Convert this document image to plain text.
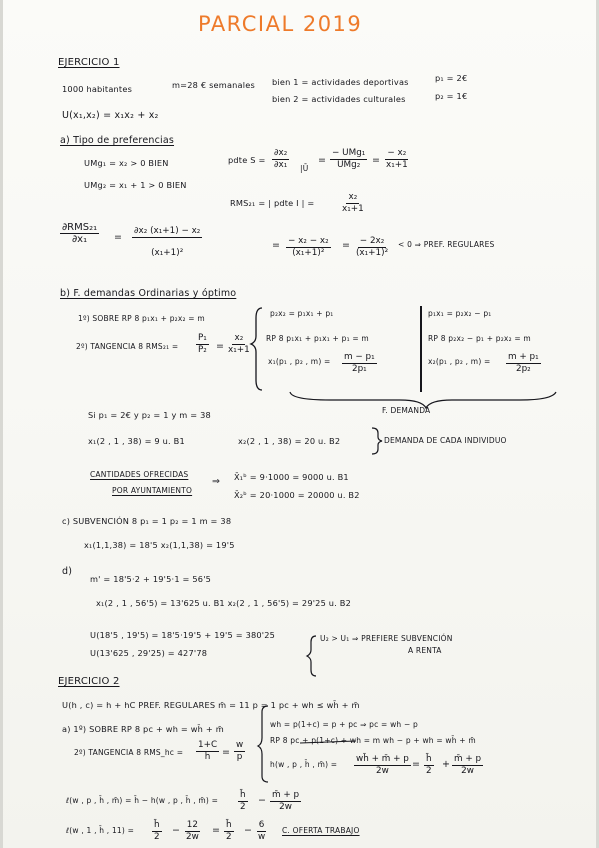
PARCIAL 2019
EJERCICIO 1
1000 habitantes	m=28 € semanales bien 1 = actividades deportivas	p₁ = 2€
bien 2 = actividades culturales	p₂ = 1€
U(x₁,x₂) = x₁x₂ + x₂
a) Tipo de preferencias
UMg₁ = x₂ > 0 BIEN
UMg₂ = x₁ + 1 > 0 BIEN
pdte $S = \frac{\text{∂x₂}}{\text{∂x₁}}$ |Ū
=
− UMg₁
$UMg_2 = \frac{\text{− x₂}}{\text{x₁+1}}$
RMS₂₁ = | pdte I | =	$\frac{\text{x₂}}{\text{x₁+1}}$
∂RMS₂₁
∂x₁	= $\frac{\text{∂x₂ (x₁+1) − x₂}}{\text{(x₁+1)²}}$	= $\frac{\text{− x₂ − x₂}}{\text{(x₁+1)²}} = \frac{\text{− 2x₂}}{\text{(x₁+1)²}} < 0$ ⇒ PREF. REGULARES
b) F. demandas Ordinarias y óptimo
1º) SOBRE RP 8 p₁x₁ + p₂x₂ = m
2º) TANGENCIA 8 $RMS_{21} = \frac{\text{P₁}}{\text{P₂}} = \frac{\text{x₂}}{\text{x₁+1}}$
p₂x₂ = p₁x₁ + p₁
RP 8 p₁x₁ + p₁x₁ + p₁ = m
x₁(p₁ , p₂ , $m) = \frac{\text{m − p₁}}{\text{2p₁}}$
p₁x₁ = p₂x₂ − p₁
RP 8 p₂x₂ − p₁ + p₂x₂ = m
x₂(p₁ , p₂ , $m) = \frac{\text{m + p₁}}{\text{2p₂}}$
F. DEMANDA
Si p₁ = 2€ y p₂ = 1 y m = 38
x₁(2 , 1 , 38) = 9 u. B1	x₂(2 , 1 , 38) = 20 u. B2	DEMANDA DE CADA INDIVIDUO
CANTIDADES OFRECIDAS
POR AYUNTAMIENTO
⇒ X̄₁ᵇ = 9·1000 = 9000 u. B1
X̄₂ᵇ = 20·1000 = 20000 u. B2
c) SUBVENCIÓN 8 p₁ = 1 p₂ = 1 m = 38
x₁(1,1,38) = 18'5 x₂(1,1,38) = 19'5
d)
m' = 18'5·2 + 19'5·1 = 56'5
x₁(2 , 1 , 56'5) = 13'625 u. B1 x₂(2 , 1 , 56'5) = 29'25 u. B2
U(18'5 , 19'5) = 18'5·19'5 + 19'5 = 380'25
U(13'625 , 29'25) = 427'78
U₂ > U₁ ⇒ PREFIERE SUBVENCIÓN
A RENTA
EJERCICIO 2
U(h , c) = h + hC PREF. REGULARES m̄ = 11 p = 1 pc + wh ≤ wh̄ + m̄
a) 1º) SOBRE RP 8 pc + wh = wh̄ + m̄
2º) TANGENCIA 8 RMS_hc = $\frac{1+C}{h} = \frac{w}{p}$
wh = p(1+c) = p + pc ⇒ pc = wh − p
RP 8 pc + p(1+c) + wh = m wh − p + wh = wh̄ + m̄
h(w , p , h̄ , m̄) = $\frac{wh̄ + m̄ + p}{2w} = \frac{h̄}{2} + \frac{m̄ + p}{2w}$
ℓ(w , p , h̄ , m̄) = h̄ − h(w , p , h̄ , m̄) = $\frac{h̄}{2} - \frac{m̄ + p}{2w}$
ℓ(w , 1 , h̄ , $11) = \frac{h̄}{2} - \frac{12}{2w} = \frac{h̄}{2} - \frac{6}{w} C$. OFERTA TRABAJO
